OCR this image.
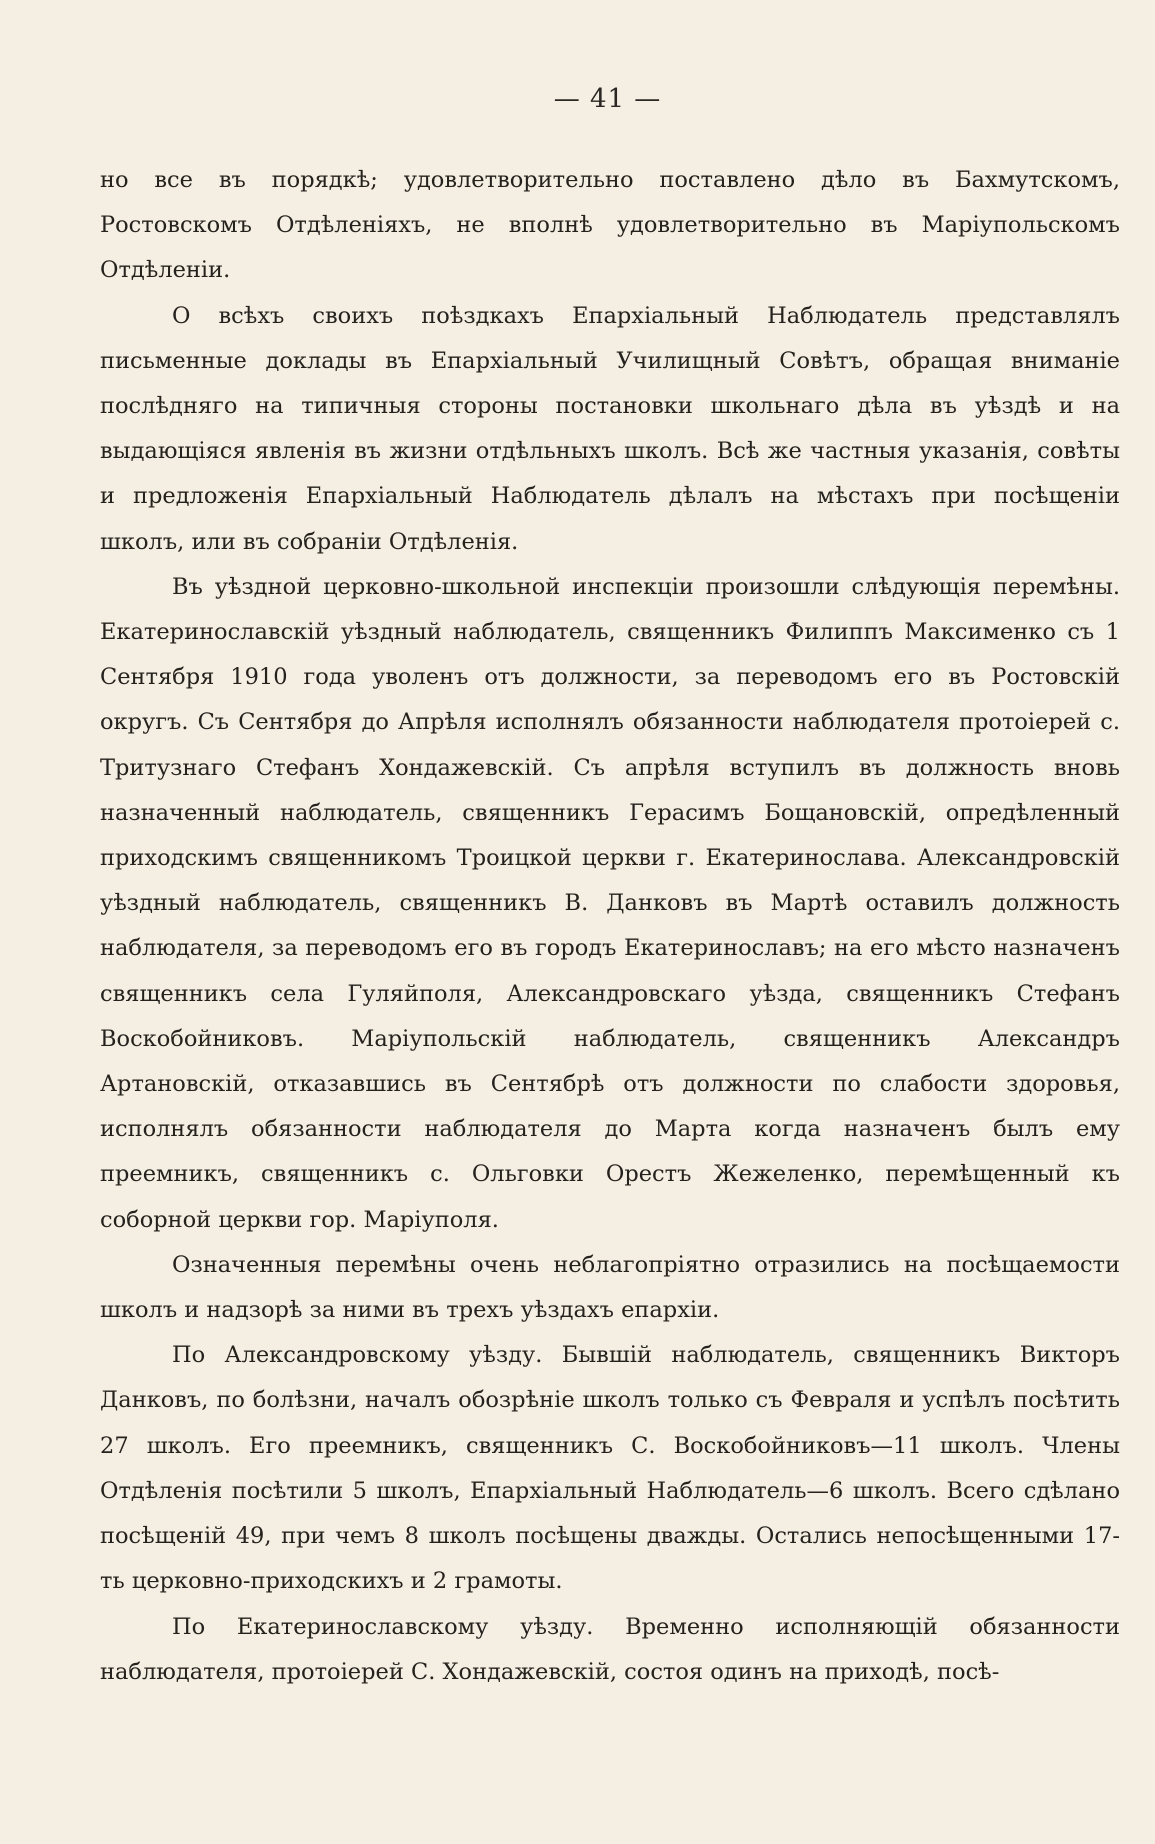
— 41 —

но все въ порядкѣ; удовлетворительно поставлено дѣло въ Бахмутскомъ, Ростовскомъ Отдѣленіяхъ, не вполнѣ удовлетворительно въ Маріупольскомъ Отдѣленіи.

О всѣхъ своихъ поѣздкахъ Епархіальный Наблюдатель представлялъ письменные доклады въ Епархіальный Училищный Совѣтъ, обращая вниманіе послѣдняго на типичныя стороны постановки школьнаго дѣла въ уѣздѣ и на выдающіяся явленія въ жизни отдѣльныхъ школъ. Всѣ же частныя указанія, совѣты и предложенія Епархіальный Наблюдатель дѣлалъ на мѣстахъ при посѣщеніи школъ, или въ собраніи Отдѣленія.

Въ уѣздной церковно-школьной инспекціи произошли слѣдующія перемѣны. Екатеринославскій уѣздный наблюдатель, священникъ Филиппъ Максименко съ 1 Сентября 1910 года уволенъ отъ должности, за переводомъ его въ Ростовскій округъ. Съ Сентября до Апрѣля исполнялъ обязанности наблюдателя протоіерей с. Тритузнаго Стефанъ Хондажевскій. Съ апрѣля вступилъ въ должность вновь назначенный наблюдатель, священникъ Герасимъ Бощановскій, опредѣленный приходскимъ священникомъ Троицкой церкви г. Екатеринослава. Александровскій уѣздный наблюдатель, священникъ В. Данковъ въ Мартѣ оставилъ должность наблюдателя, за переводомъ его въ городъ Екатеринославъ; на его мѣсто назначенъ священникъ села Гуляйполя, Александровскаго уѣзда, священникъ Стефанъ Воскобойниковъ. Маріупольскій наблюдатель, священникъ Александръ Артановскій, отказавшись въ Сентябрѣ отъ должности по слабости здоровья, исполнялъ обязанности наблюдателя до Марта когда назначенъ былъ ему преемникъ, священникъ с. Ольговки Орестъ Жежеленко, перемѣщенный къ соборной церкви гор. Маріуполя.

Означенныя перемѣны очень неблагопріятно отразились на посѣщаемости школъ и надзорѣ за ними въ трехъ уѣздахъ епархіи.

По Александровскому уѣзду. Бывшій наблюдатель, священникъ Викторъ Данковъ, по болѣзни, началъ обозрѣніе школъ только съ Февраля и успѣлъ посѣтить 27 школъ. Его преемникъ, священникъ С. Воскобойниковъ—11 школъ. Члены Отдѣленія посѣтили 5 школъ, Епархіальный Наблюдатель—6 школъ. Всего сдѣлано посѣщеній 49, при чемъ 8 школъ посѣщены дважды. Остались непосѣщенными 17-ть церковно-приходскихъ и 2 грамоты.

По Екатеринославскому уѣзду. Временно исполняющій обязанности наблюдателя, протоіерей С. Хондажевскій, состоя одинъ на приходѣ, посѣ-
